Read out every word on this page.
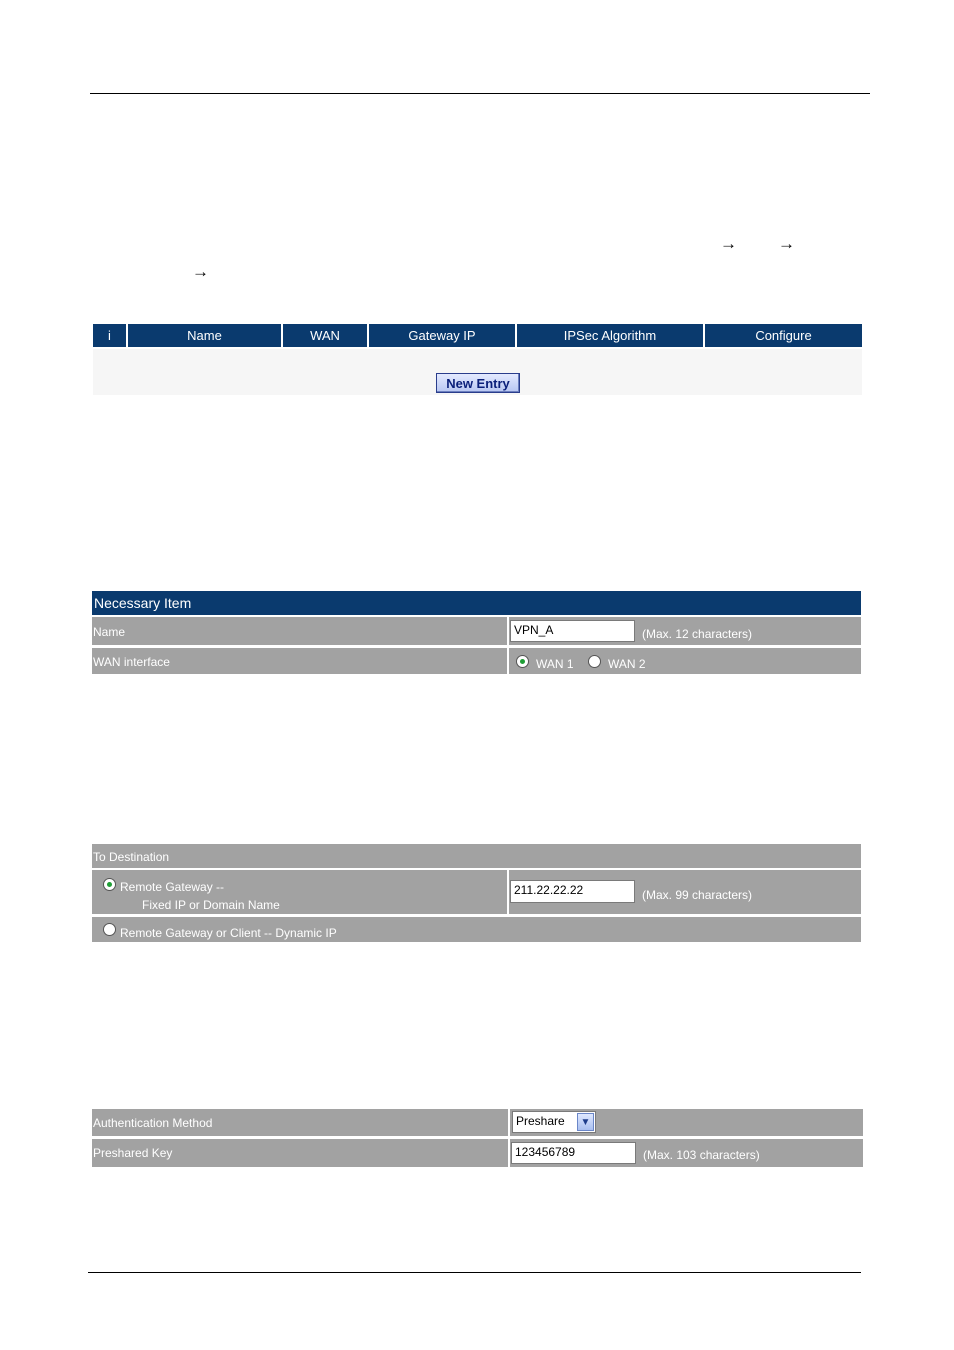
→ →
→
i	Name	WAN	Gateway IP	IPSec Algorithm	Configure
New Entry
Necessary Item
Name	VPN_A	(Max. 12 characters)
WAN interface	WAN 1	WAN 2
To Destination
Remote Gateway --
Fixed IP or Domain Name
211.22.22.22	(Max. 99 characters)
Remote Gateway or Client -- Dynamic IP
Authentication Method	Preshare	▼
Preshared Key	123456789	(Max. 103 characters)
